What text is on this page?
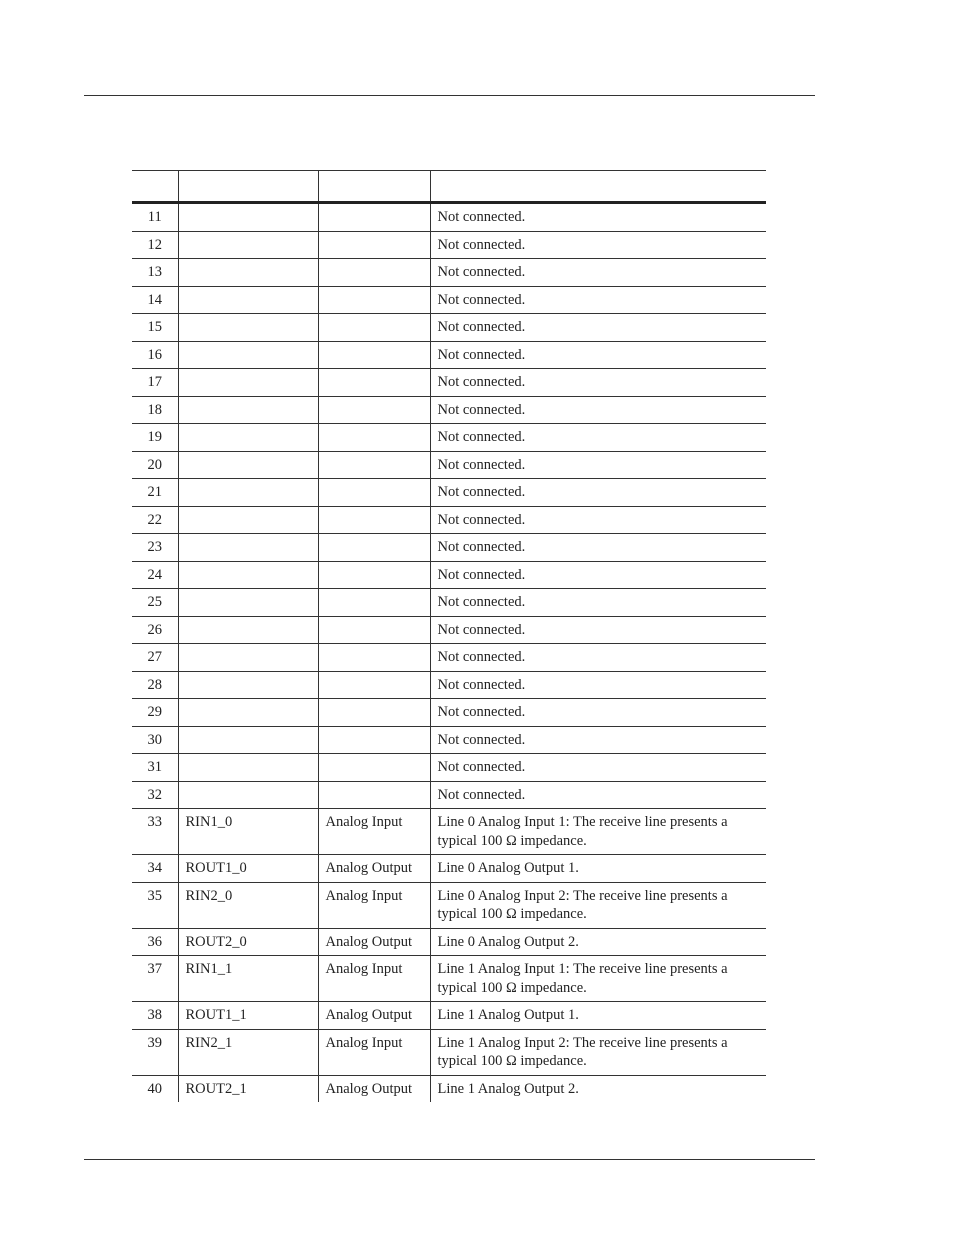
11			Not connected.
12			Not connected.
13			Not connected.
14			Not connected.
15			Not connected.
16			Not connected.
17			Not connected.
18			Not connected.
19			Not connected.
20			Not connected.
21			Not connected.
22			Not connected.
23			Not connected.
24			Not connected.
25			Not connected.
26			Not connected.
27			Not connected.
28			Not connected.
29			Not connected.
30			Not connected.
31			Not connected.
32			Not connected.
33	RIN1_0	Analog Input	Line 0 Analog Input 1: The receive line presents a typical 100 Ω impedance.
34	ROUT1_0	Analog Output	Line 0 Analog Output 1.
35	RIN2_0	Analog Input	Line 0 Analog Input 2: The receive line presents a typical 100 Ω impedance.
36	ROUT2_0	Analog Output	Line 0 Analog Output 2.
37	RIN1_1	Analog Input	Line 1 Analog Input 1: The receive line presents a typical 100 Ω impedance.
38	ROUT1_1	Analog Output	Line 1 Analog Output 1.
39	RIN2_1	Analog Input	Line 1 Analog Input 2: The receive line presents a typical 100 Ω impedance.
40	ROUT2_1	Analog Output	Line 1 Analog Output 2.
